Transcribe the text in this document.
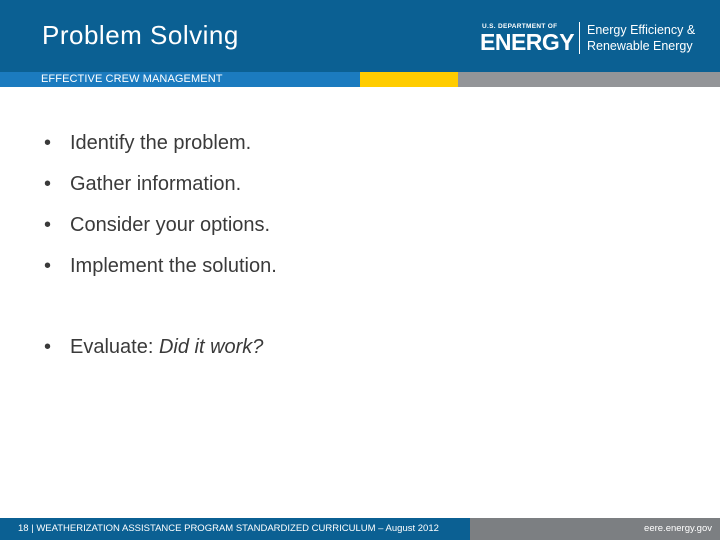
Problem Solving	U.S. DEPARTMENT OF
ENERGY Energy Efficiency &
Renewable Energy
EFFECTIVE CREW MANAGEMENT
• Identify the problem.
• Gather information.
• Consider your options.
• Implement the solution.
• Evaluate: Did it work?
18 | WEATHERIZATION ASSISTANCE PROGRAM STANDARDIZED CURRICULUM – August 2012	eere.energy.gov
